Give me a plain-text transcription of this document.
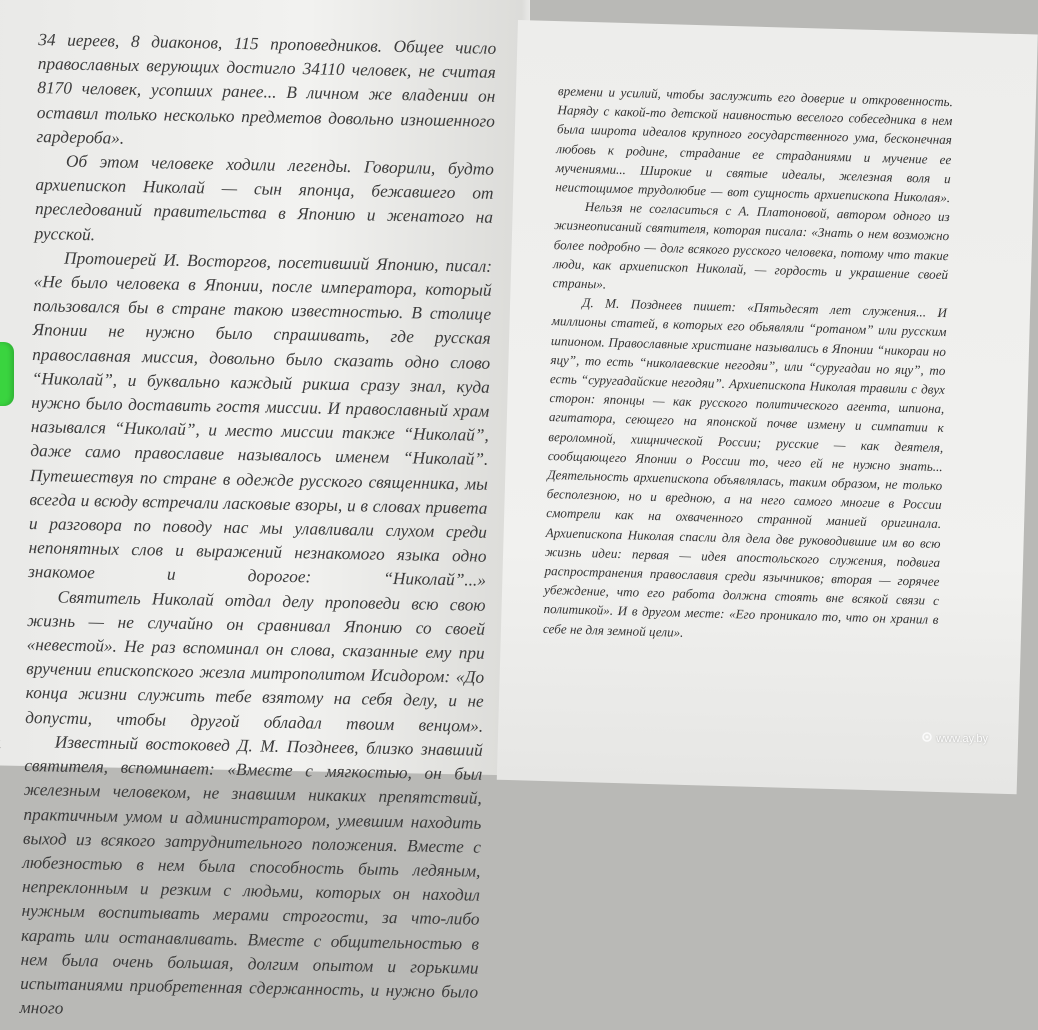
34 иереев, 8 диаконов, 115 проповедников. Общее число православных верующих достигло 34110 человек, не считая 8170 человек, усопших ранее... В личном же владении он оставил только несколько предметов довольно изношенного гардероба».

Об этом человеке ходили легенды. Говорили, будто архиепископ Николай — сын японца, бежавшего от преследований правительства в Японию и женатого на русской.

Протоиерей И. Восторгов, посетивший Японию, писал: «Не было человека в Японии, после императора, который пользовался бы в стране такою известностью. В столице Японии не нужно было спрашивать, где русская православная миссия, довольно было сказать одно слово “Николай”, и буквально каждый рикша сразу знал, куда нужно было доставить гостя миссии. И православный храм назывался “Николай”, и место миссии также “Николай”, даже само православие называлось именем “Николай”. Путешествуя по стране в одежде русского священника, мы всегда и всюду встречали ласковые взоры, и в словах привета и разговора по поводу нас мы улавливали слухом среди непонятных слов и выражений незнакомого языка одно знакомое и дорогое: “Николай”...»

Святитель Николай отдал делу проповеди всю свою жизнь — не случайно он сравнивал Японию со своей «невестой». Не раз вспоминал он слова, сказанные ему при вручении епископского жезла митрополитом Исидором: «До конца жизни служить тебе взятому на себя делу, и не допусти, чтобы другой обладал твоим венцом».

Известный востоковед Д. М. Позднеев, близко знавший святителя, вспоминает: «Вместе с мягкостью, он был железным человеком, не знавшим никаких препятствий, практичным умом и администратором, умевшим находить выход из всякого затруднительного положения. Вместе с любезностью в нем была способность быть ледяным, непреклонным и резким с людьми, которых он находил нужным воспитывать мерами строгости, за что-либо карать или останавливать. Вместе с общительностью в нем была очень большая, долгим опытом и горькими испытаниями приобретенная сдержанность, и нужно было много

времени и усилий, чтобы заслужить его доверие и откровенность. Наряду с какой-то детской наивностью веселого собеседника в нем была широта идеалов крупного государственного ума, бесконечная любовь к родине, страдание ее страданиями и мучение ее мучениями... Широкие и святые идеалы, железная воля и неистощимое трудолюбие — вот сущность архиепископа Николая».

Нельзя не согласиться с А. Платоновой, автором одного из жизнеописаний святителя, которая писала: «Знать о нем возможно более подробно — долг всякого русского человека, потому что такие люди, как архиепископ Николай, — гордость и украшение своей страны».

Д. М. Позднеев пишет: «Пятьдесят лет служения... И миллионы статей, в которых его обьявляли “ротаном” или русским шпионом. Православные христиане назывались в Японии “никораи но яцу”, то есть “николаевские негодяи”, или “суругадаи но яцу”, то есть “суругадайские негодяи”. Архиепископа Николая травили с двух сторон: японцы — как русского политического агента, шпиона, агитатора, сеющего на японской почве измену и симпатии к вероломной, хищнической России; русские — как деятеля, сообщающего Японии о России то, чего ей не нужно знать... Деятельность архиепископа объявлялась, таким образом, не только бесполезною, но и вредною, а на него самого многие в России смотрели как на охваченного странной манией оригинала. Архиепископа Николая спасли для дела две руководившие им во всю жизнь идеи: первая — идея апостольского служения, подвига распространения православия среди язычников; вторая — горячее убеждение, что его работа должна стоять вне всякой связи с политикой». И в другом месте: «Его проникало то, что он хранил в себе не для земной цели».

www.ay.by
